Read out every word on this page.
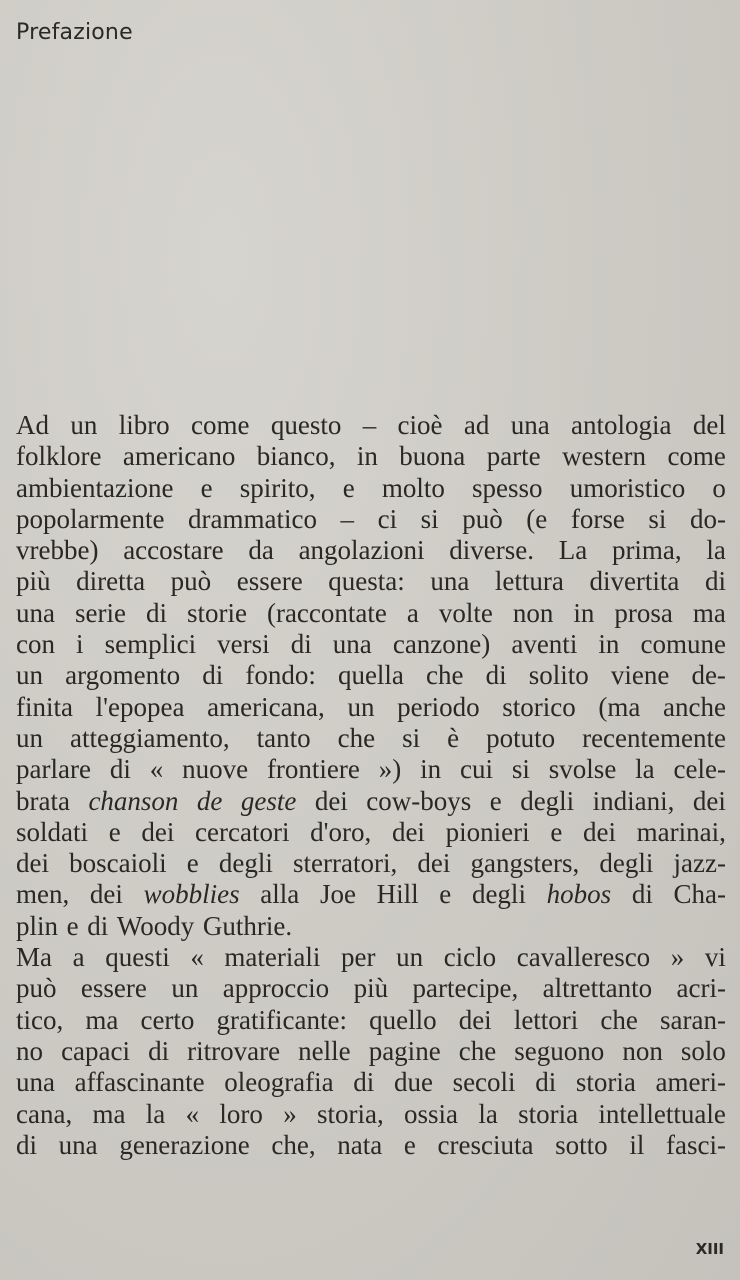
Prefazione
Ad un libro come questo – cioè ad una antologia del
folklore americano bianco, in buona parte western come
ambientazione e spirito, e molto spesso umoristico o
popolarmente drammatico – ci si può (e forse si do-
vrebbe) accostare da angolazioni diverse. La prima, la
più diretta può essere questa: una lettura divertita di
una serie di storie (raccontate a volte non in prosa ma
con i semplici versi di una canzone) aventi in comune
un argomento di fondo: quella che di solito viene de-
finita l'epopea americana, un periodo storico (ma anche
un atteggiamento, tanto che si è potuto recentemente
parlare di « nuove frontiere ») in cui si svolse la cele-
brata chanson de geste dei cow-boys e degli indiani, dei
soldati e dei cercatori d'oro, dei pionieri e dei marinai,
dei boscaioli e degli sterratori, dei gangsters, degli jazz-
men, dei wobblies alla Joe Hill e degli hobos di Cha-
plin e di Woody Guthrie.
Ma a questi « materiali per un ciclo cavalleresco » vi
può essere un approccio più partecipe, altrettanto acri-
tico, ma certo gratificante: quello dei lettori che saran-
no capaci di ritrovare nelle pagine che seguono non solo
una affascinante oleografia di due secoli di storia ameri-
cana, ma la « loro » storia, ossia la storia intellettuale
di una generazione che, nata e cresciuta sotto il fasci-
XIII
